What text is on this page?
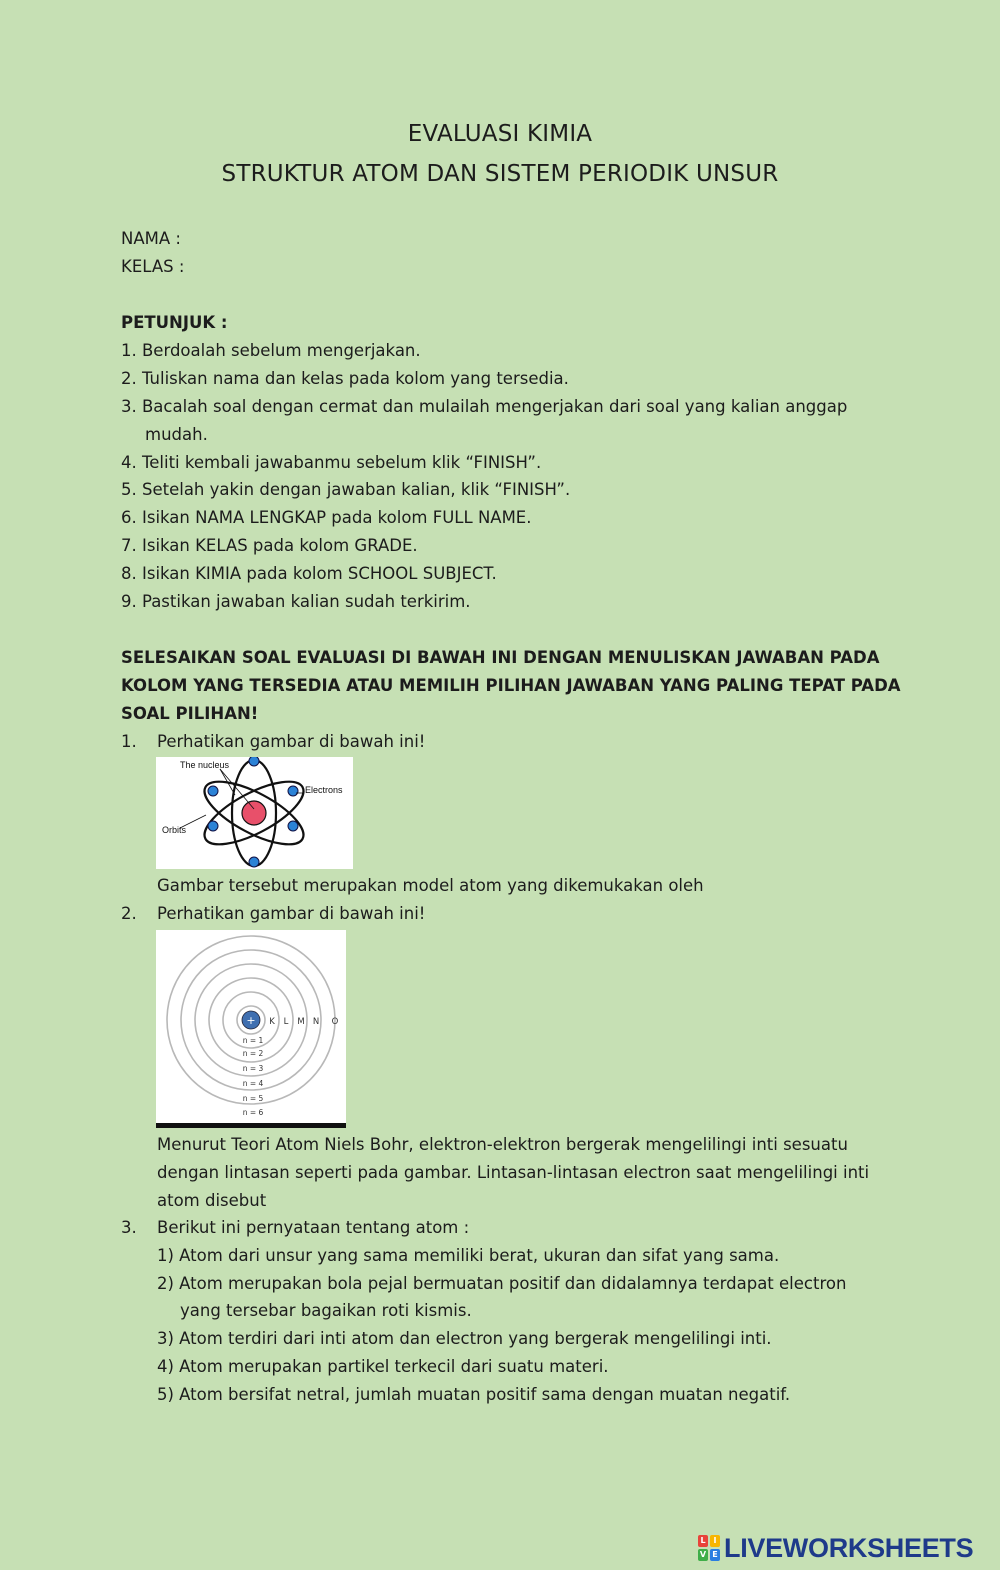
EVALUASI KIMIA
STRUKTUR ATOM DAN SISTEM PERIODIK UNSUR
NAMA :
KELAS :
PETUNJUK :
1. Berdoalah sebelum mengerjakan.
2. Tuliskan nama dan kelas pada kolom yang tersedia.
3. Bacalah soal dengan cermat dan mulailah mengerjakan dari soal yang kalian anggap
mudah.
4. Teliti kembali jawabanmu sebelum klik “FINISH”.
5. Setelah yakin dengan jawaban kalian, klik “FINISH”.
6. Isikan NAMA LENGKAP pada kolom FULL NAME.
7. Isikan KELAS pada kolom GRADE.
8. Isikan KIMIA pada kolom SCHOOL SUBJECT.
9. Pastikan jawaban kalian sudah terkirim.
SELESAIKAN SOAL EVALUASI DI BAWAH INI DENGAN MENULISKAN JAWABAN PADA
KOLOM YANG TERSEDIA ATAU MEMILIH PILIHAN JAWABAN YANG PALING TEPAT PADA
SOAL PILIHAN!
1. Perhatikan gambar di bawah ini!
The nucleus
Electrons
Orbits
Gambar tersebut merupakan model atom yang dikemukakan oleh
2. Perhatikan gambar di bawah ini!
+ K L M N O
n = 1
n = 2
n = 3
n = 4
n = 5
n = 6
Menurut Teori Atom Niels Bohr, elektron-elektron bergerak mengelilingi inti sesuatu
dengan lintasan seperti pada gambar. Lintasan-lintasan electron saat mengelilingi inti
atom disebut
3. Berikut ini pernyataan tentang atom :
1) Atom dari unsur yang sama memiliki berat, ukuran dan sifat yang sama.
2) Atom merupakan bola pejal bermuatan positif dan didalamnya terdapat electron
yang tersebar bagaikan roti kismis.
3) Atom terdiri dari inti atom dan electron yang bergerak mengelilingi inti.
4) Atom merupakan partikel terkecil dari suatu materi.
5) Atom bersifat netral, jumlah muatan positif sama dengan muatan negatif.
L I
V E LIVEWORKSHEETS
